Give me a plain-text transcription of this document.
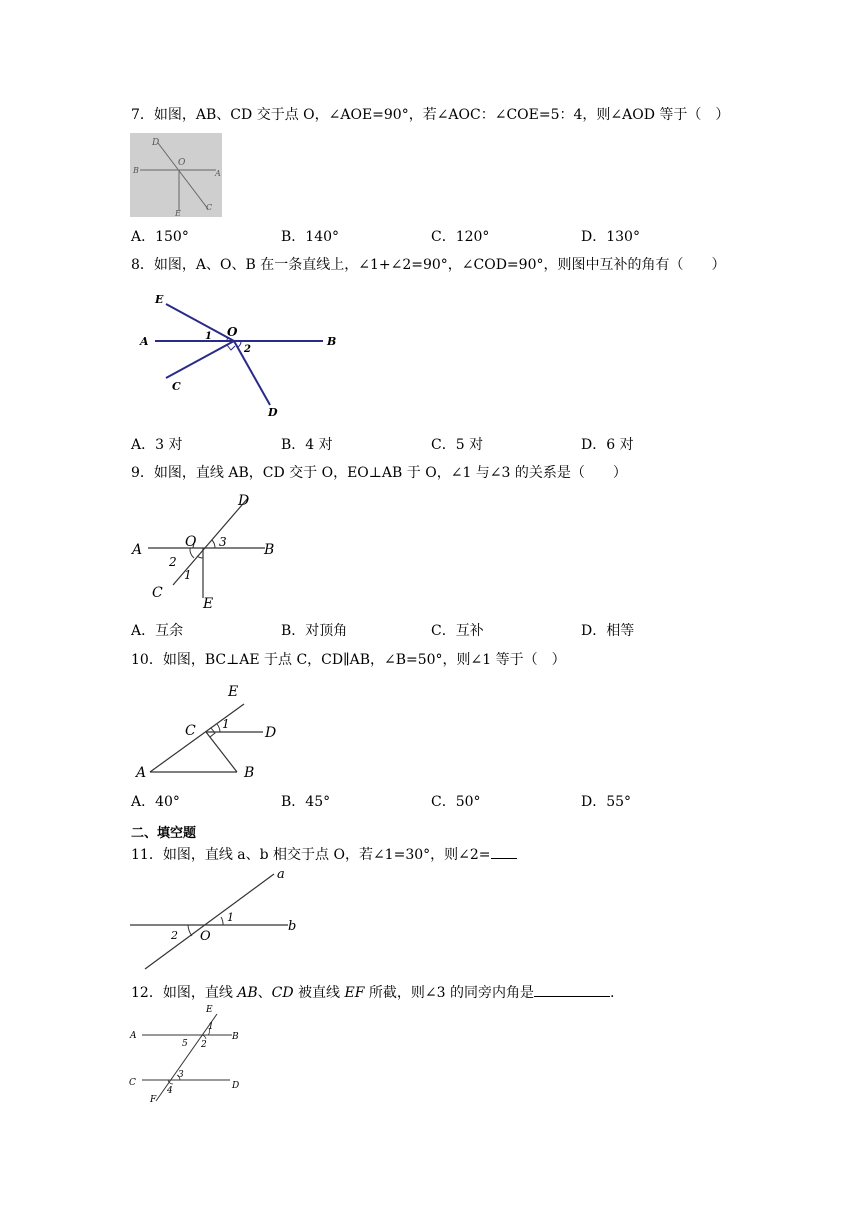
7．如图，AB、CD 交于点 O，∠AOE=90°，若∠AOC：∠COE=5：4，则∠AOD 等于（　）
D
O
B	A
E
C
A．150°	B．140°	C．120°	D．130°
8．如图，A、O、B 在一条直线上，∠1+∠2=90°，∠COD=90°，则图中互补的角有（　　）
E
A
O
B
C
D
1
2
A．3 对	B．4 对	C．5 对	D．6 对
9．如图，直线 AB，CD 交于 O，EO⊥AB 于 O，∠1 与∠3 的关系是（　　）
D
A	O	B
C
E
1
2
3
A．互余	B．对顶角	C．互补	D．相等
10．如图，BC⊥AE 于点 C，CD∥AB，∠B=50°，则∠1 等于（　）
E
C	D
A	B
1
A．40°	B．45°	C．50°	D．55°
二、填空题
11．如图，直线 a、b 相交于点 O，若∠1=30°，则∠2=
a
b
O
1
2
12．如图，直线 AB、CD 被直线 EF 所截，则∠3 的同旁内角是	.
E
A	B
C	D
F
1
2
3
4
5
